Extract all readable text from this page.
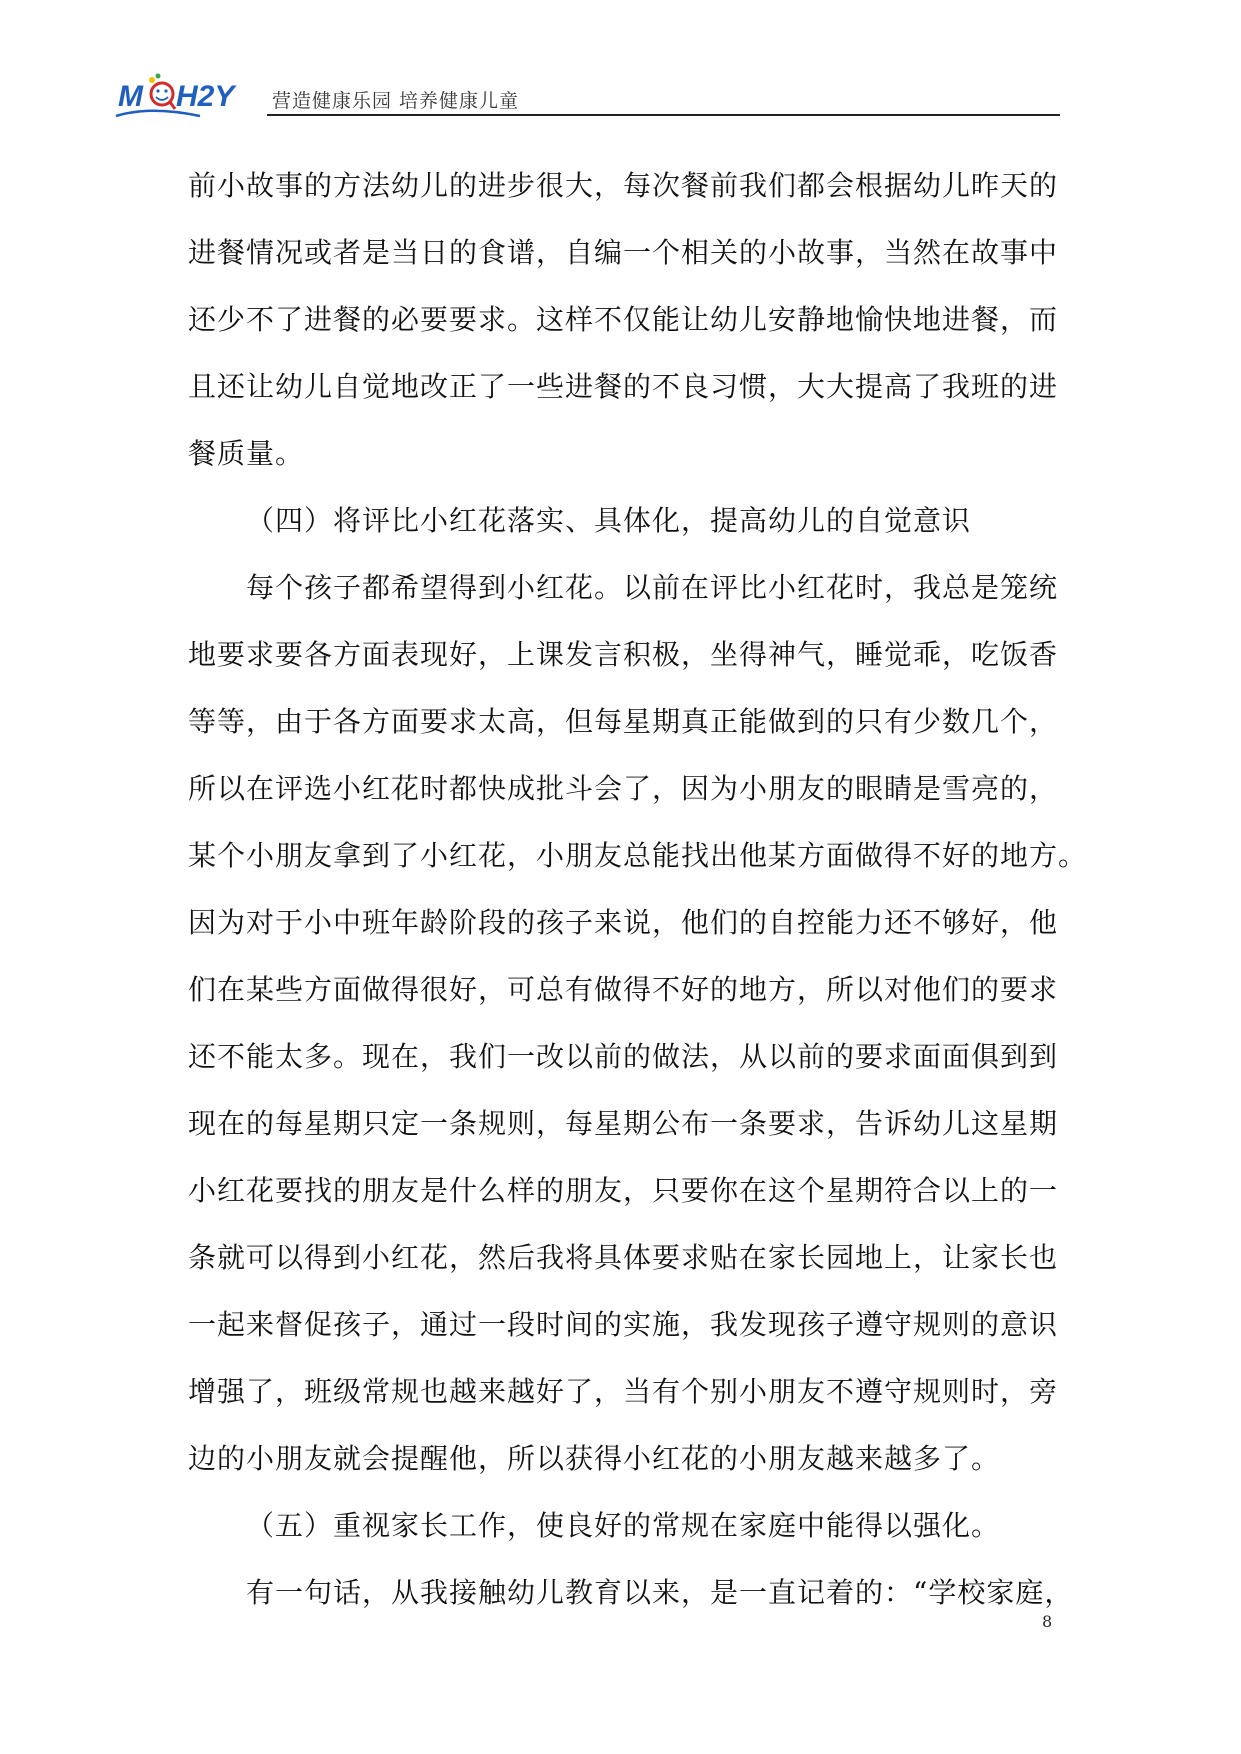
M H2Y 营造健康乐园 培养健康儿童
前小故事的方法幼儿的进步很大，每次餐前我们都会根据幼儿昨天的
进餐情况或者是当日的食谱，自编一个相关的小故事，当然在故事中
还少不了进餐的必要要求。这样不仅能让幼儿安静地愉快地进餐，而
且还让幼儿自觉地改正了一些进餐的不良习惯，大大提高了我班的进
餐质量。
（四）将评比小红花落实、具体化，提高幼儿的自觉意识
每个孩子都希望得到小红花。以前在评比小红花时，我总是笼统
地要求要各方面表现好，上课发言积极，坐得神气，睡觉乖，吃饭香
等等，由于各方面要求太高，但每星期真正能做到的只有少数几个，
所以在评选小红花时都快成批斗会了，因为小朋友的眼睛是雪亮的，
某个小朋友拿到了小红花，小朋友总能找出他某方面做得不好的地方。
因为对于小中班年龄阶段的孩子来说，他们的自控能力还不够好，他
们在某些方面做得很好，可总有做得不好的地方，所以对他们的要求
还不能太多。现在，我们一改以前的做法，从以前的要求面面俱到到
现在的每星期只定一条规则，每星期公布一条要求，告诉幼儿这星期
小红花要找的朋友是什么样的朋友，只要你在这个星期符合以上的一
条就可以得到小红花，然后我将具体要求贴在家长园地上，让家长也
一起来督促孩子，通过一段时间的实施，我发现孩子遵守规则的意识
增强了，班级常规也越来越好了，当有个别小朋友不遵守规则时，旁
边的小朋友就会提醒他，所以获得小红花的小朋友越来越多了。
（五）重视家长工作，使良好的常规在家庭中能得以强化。
有一句话，从我接触幼儿教育以来，是一直记着的：“学校家庭，
8
